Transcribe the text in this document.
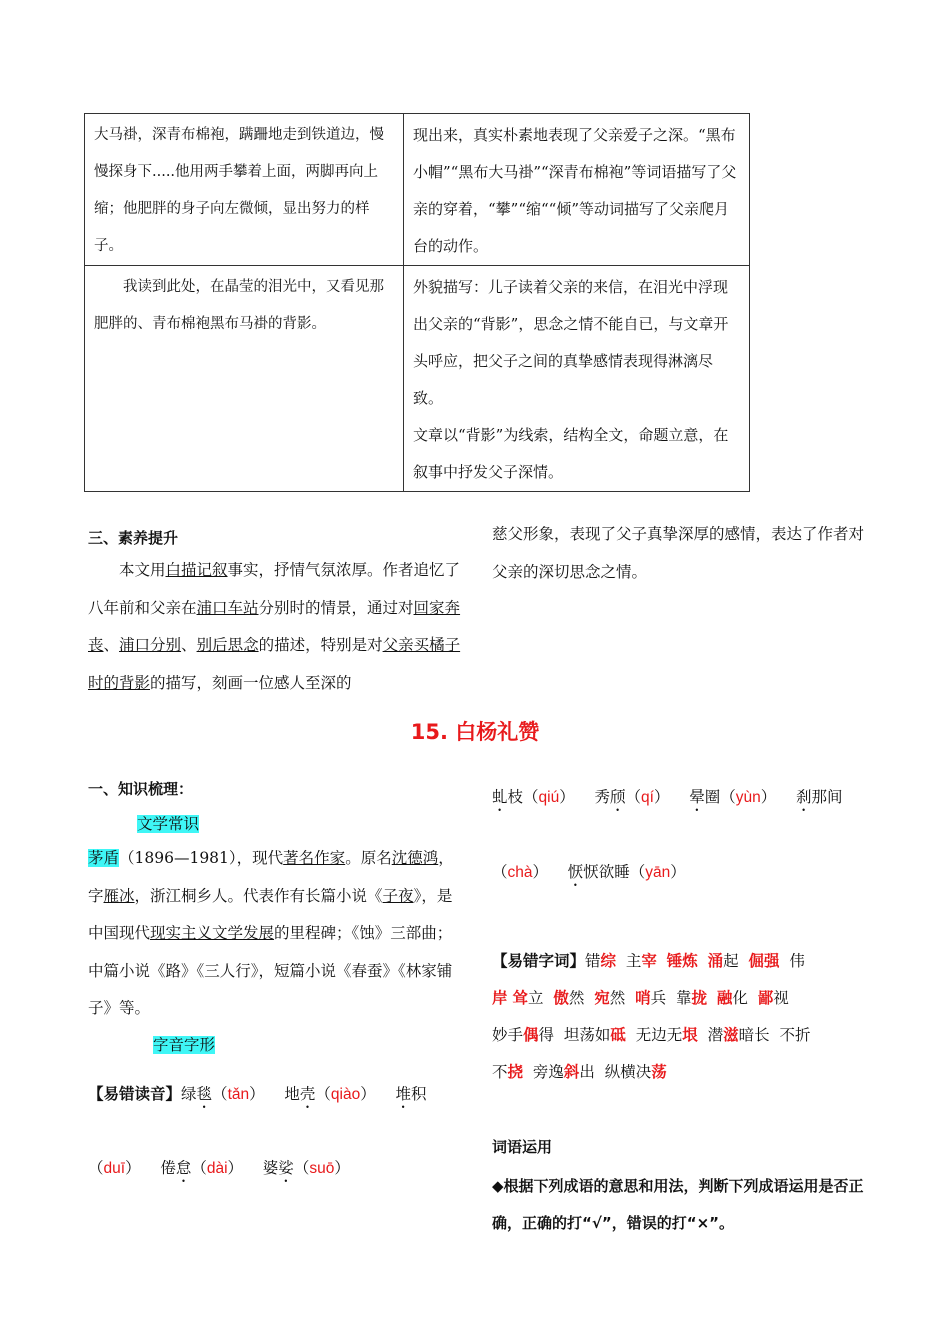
大马褂，深青布棉袍，蹒跚地走到铁道边，慢慢探身下.....他用两手攀着上面，两脚再向上缩；他肥胖的身子向左微倾，显出努力的样子。	现出来，真实朴素地表现了父亲爱子之深。“黑布小帽”“黑布大马褂”“深青布棉袍”等词语描写了父亲的穿着，“攀”“缩““倾”等动词描写了父亲爬月台的动作。
我读到此处，在晶莹的泪光中，又看见那肥胖的、青布棉袍黑布马褂的背影。	外貌描写：儿子读着父亲的来信，在泪光中浮现出父亲的“背影”，思念之情不能自已，与文章开头呼应，把父子之间的真挚感情表现得淋漓尽致。
文章以“背影”为线索，结构全文，命题立意，在叙事中抒发父子深情。
三、素养提升
本文用白描记叙事实，抒情气氛浓厚。作者追忆了八年前和父亲在浦口车站分别时的情景，通过对回家奔丧、浦口分别、别后思念的描述，特别是对父亲买橘子时的背影的描写，刻画一位感人至深的
慈父形象，表现了父子真挚深厚的感情，表达了作者对父亲的深切思念之情。
15. 白杨礼赞
一、知识梳理：
文学常识
茅盾（1896—1981），现代著名作家。原名沈德鸿，字雁冰，浙江桐乡人。代表作有长篇小说《子夜》，是中国现代现实主义文学发展的里程碑；《蚀》三部曲；中篇小说《路》《三人行》，短篇小说《春蚕》《林家铺子》等。
字音字形
【易错读音】绿毯（tǎn） 地壳（qiào） 堆积
（duī） 倦怠（dài） 婆娑（suō）
虬枝（qiú） 秀颀（qí） 晕圈（yùn） 刹那间
（chà） 恹恹欲睡（yān）
【易错字词】错综  主宰 锤炼 涌起  倔强  伟
岸 耸立  傲然  宛然  哨兵  靠拢 融化  鄙视
妙手偶得  坦荡如砥  无边无垠  潜滋暗长  不折
不挠  旁逸斜出  纵横决荡
词语运用
◆根据下列成语的意思和用法，判断下列成语运用是否正确，正确的打“√”，错误的打“×”。
